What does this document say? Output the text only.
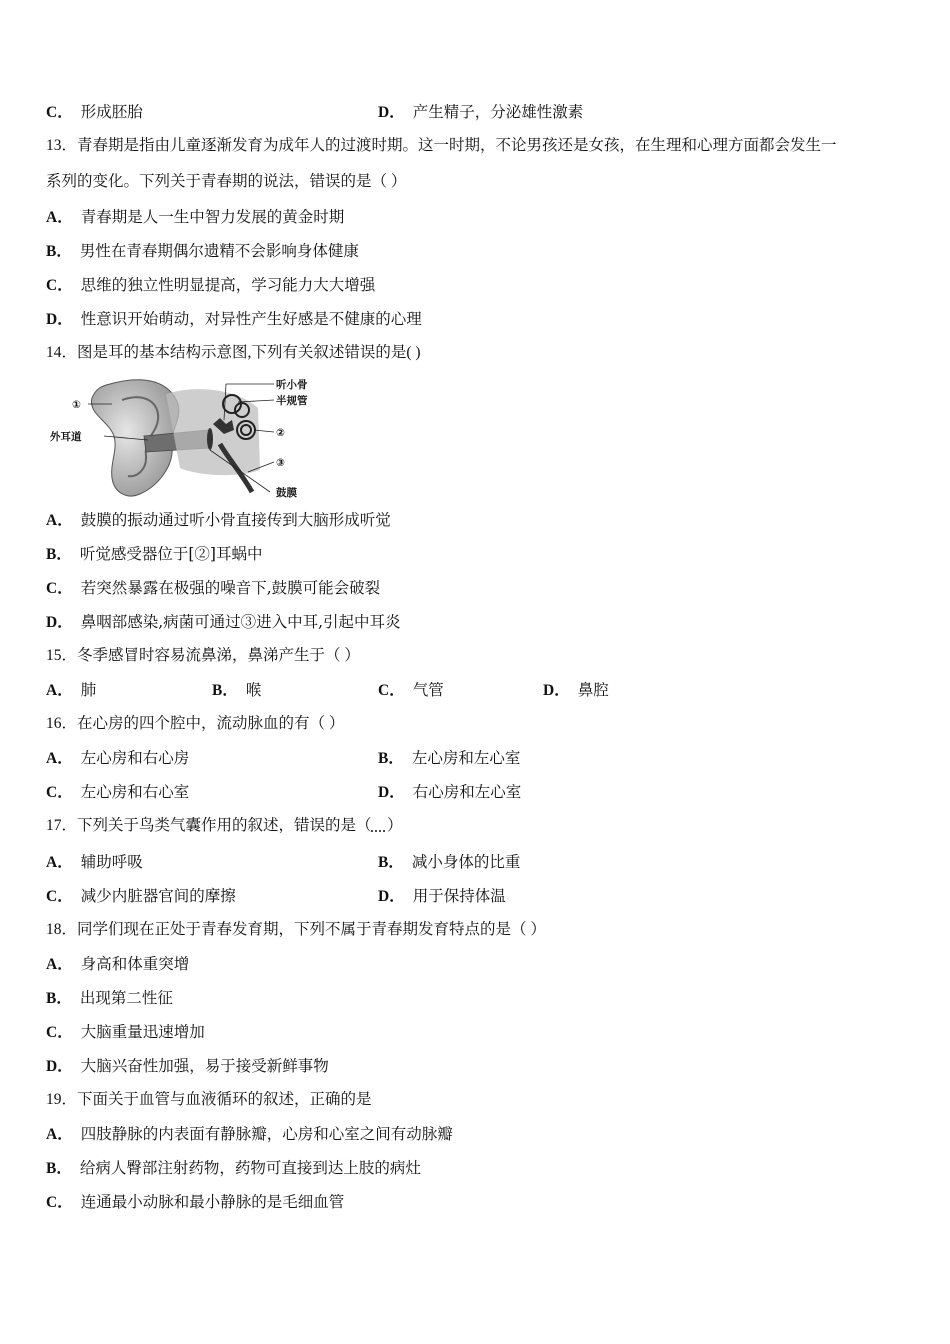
C． 形成胚胎	D． 产生精子，分泌雄性激素
13．青春期是指由儿童逐渐发育为成年人的过渡时期。这一时期，不论男孩还是女孩，在生理和心理方面都会发生一
系列的变化。下列关于青春期的说法，错误的是（ ）
A． 青春期是人一生中智力发展的黄金时期
B． 男性在青春期偶尔遗精不会影响身体健康
C． 思维的独立性明显提高，学习能力大大增强
D． 性意识开始萌动，对异性产生好感是不健康的心理
14．图是耳的基本结构示意图,下列有关叙述错误的是( )
①
外耳道
听小骨
半规管
②
③
鼓膜
A． 鼓膜的振动通过听小骨直接传到大脑形成听觉
B． 听觉感受器位于[②]耳蜗中
C． 若突然暴露在极强的噪音下,鼓膜可能会破裂
D． 鼻咽部感染,病菌可通过③进入中耳,引起中耳炎
15．冬季感冒时容易流鼻涕，鼻涕产生于（ ）
A． 肺	B． 喉	C． 气管	D． 鼻腔
16．在心房的四个腔中，流动脉血的有（ ）
A． 左心房和右心房	B． 左心房和左心室
C． 左心房和右心室	D． 右心房和左心室
17．下列关于鸟类气囊作用的叙述，错误的是（ ）
A． 辅助呼吸	B． 减小身体的比重
C． 减少内脏器官间的摩擦	D． 用于保持体温
18．同学们现在正处于青春发育期，下列不属于青春期发育特点的是（ ）
A． 身高和体重突增
B． 出现第二性征
C． 大脑重量迅速增加
D． 大脑兴奋性加强，易于接受新鲜事物
19．下面关于血管与血液循环的叙述，正确的是
A． 四肢静脉的内表面有静脉瓣，心房和心室之间有动脉瓣
B． 给病人臀部注射药物，药物可直接到达上肢的病灶
C． 连通最小动脉和最小静脉的是毛细血管
